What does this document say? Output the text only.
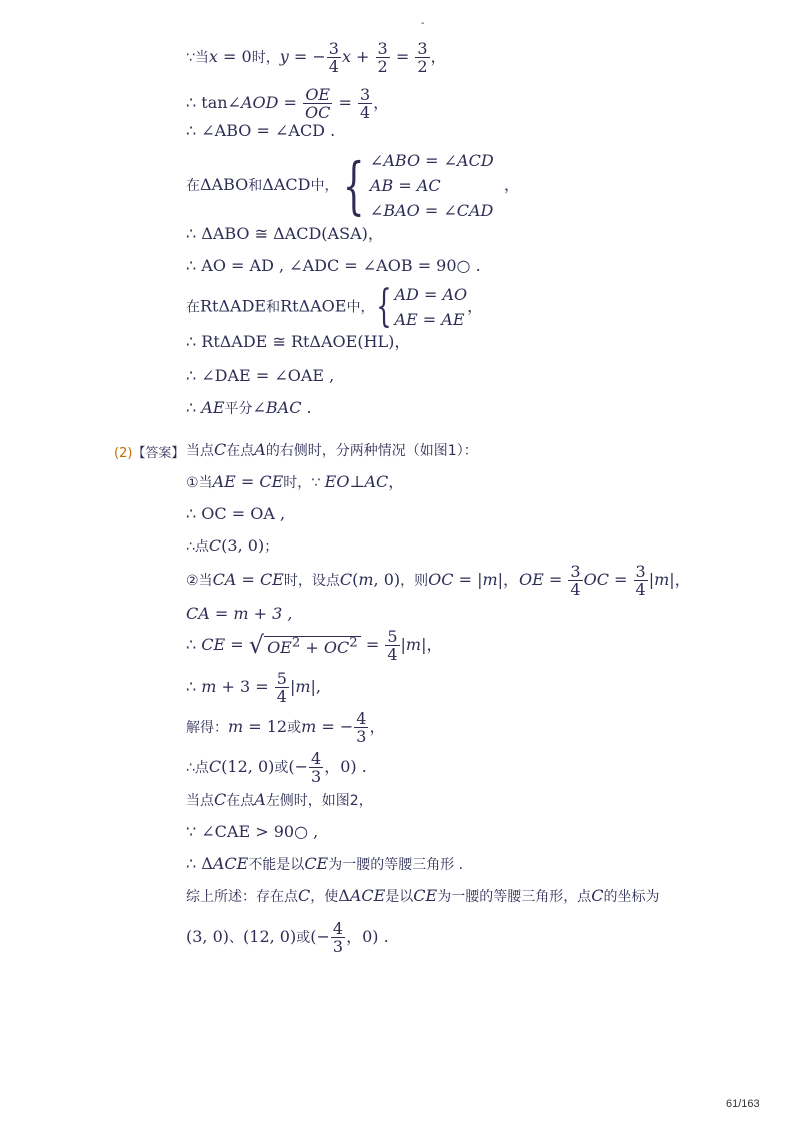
-
∵当x = 0时，y = − $\frac{3}{4}$ $x + \frac{3}{2} = \frac{3}{2}$ ，
∴ tan∠AOD = $\frac{OE}{OC} = \frac{3}{4}$ ，
∴ ∠ABO = ∠ACD .
在ΔABO和ΔACD中，{ ∠ABO = ∠ACD
AB = AC
∠BAO = ∠CAD
，
∴ ΔABO ≅ ΔACD(ASA)，
∴ AO = AD , ∠ADC = ∠AOB = 90○ .
在RtΔADE和RtΔAOE中，{ AD = AO
AE = AE
，
∴ RtΔADE ≅ RtΔAOE(HL)，
∴ ∠DAE = ∠OAE ,
∴ AE平分∠BAC .
(2)【答案】 当点C在点A的右侧时，分两种情况（如图1）：
①当AE = CE时，∵ EO⊥AC，
∴ OC = OA ,
∴点C(3, 0)；
②当CA = CE时，设点C(m, 0)，则OC = |m|，OE = $\frac{3}{4}$ OC = $\frac{3}{4} |m|$，
CA = m + 3 ,
∴ CE = √ $OE^2 + OC^2 = \frac{5}{4} |m|$，
∴ $m + 3 = \frac{5}{4} |m|$,
解得：m = 12或m = − $\frac{4}{3}$ ，
∴点C(12, 0)或(− $\frac{4}{3}$ ，0) .
当点C在点A左侧时，如图2，
∵ ∠CAE > 90○ ,
∴ ΔACE不能是以CE为一腰的等腰三角形 .
综上所述：存在点C，使ΔACE是以CE为一腰的等腰三角形，点C的坐标为
(3, 0)、(12, 0)或(− $\frac{4}{3}$ ，0) .
61/163
